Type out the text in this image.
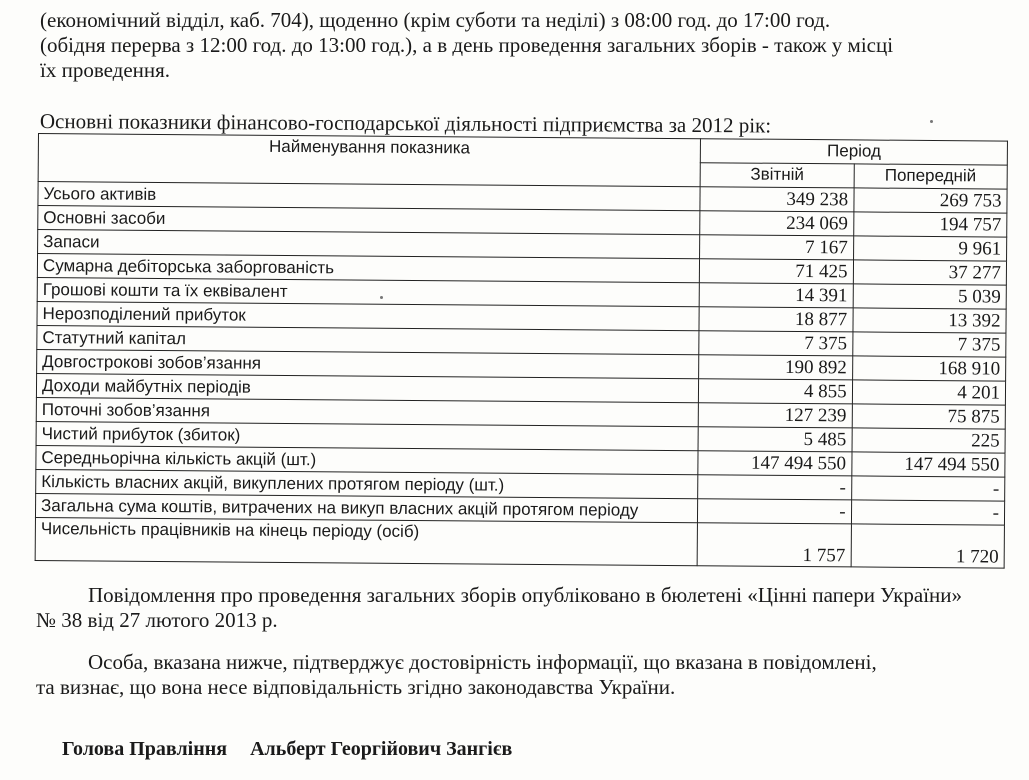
(економічний відділ, каб. 704), щоденно (крім суботи та неділі) з 08:00 год. до 17:00 год.
(обідня перерва з 12:00 год. до 13:00 год.), а в день проведення загальних зборів - також у місці
їх проведення.

Основні показники фінансово-господарської діяльності підприємства за 2012 рік:

Найменування показника	Період	
	Звітній	Попередній
Усього активів	349 238	269 753
Основні засоби	234 069	194 757
Запаси	7 167	9 961
Сумарна дебіторська заборгованість	71 425	37 277
Грошові кошти та їх еквівалент	14 391	5 039
Нерозподілений прибуток	18 877	13 392
Статутний капітал	7 375	7 375
Довгострокові зобов’язання	190 892	168 910
Доходи майбутніх періодів	4 855	4 201
Поточні зобов’язання	127 239	75 875
Чистий прибуток (збиток)	5 485	225
Середньорічна кількість акцій (шт.)	147 494 550	147 494 550
Кількість власних акцій, викуплених протягом періоду (шт.)	-	-
Загальна сума коштів, витрачених на викуп власних акцій протягом періоду	-	-
Чисельність працівників на кінець періоду (осіб)	1 757	1 720

Повідомлення про проведення загальних зборів опубліковано в бюлетені «Цінні папери України»
№ 38 від 27 лютого 2013 р.

Особа, вказана нижче, підтверджує достовірність інформації, що вказана в повідомлені,
та визнає, що вона несе відповідальність згідно законодавства України.

Голова Правління Альберт Георгійович Зангієв
